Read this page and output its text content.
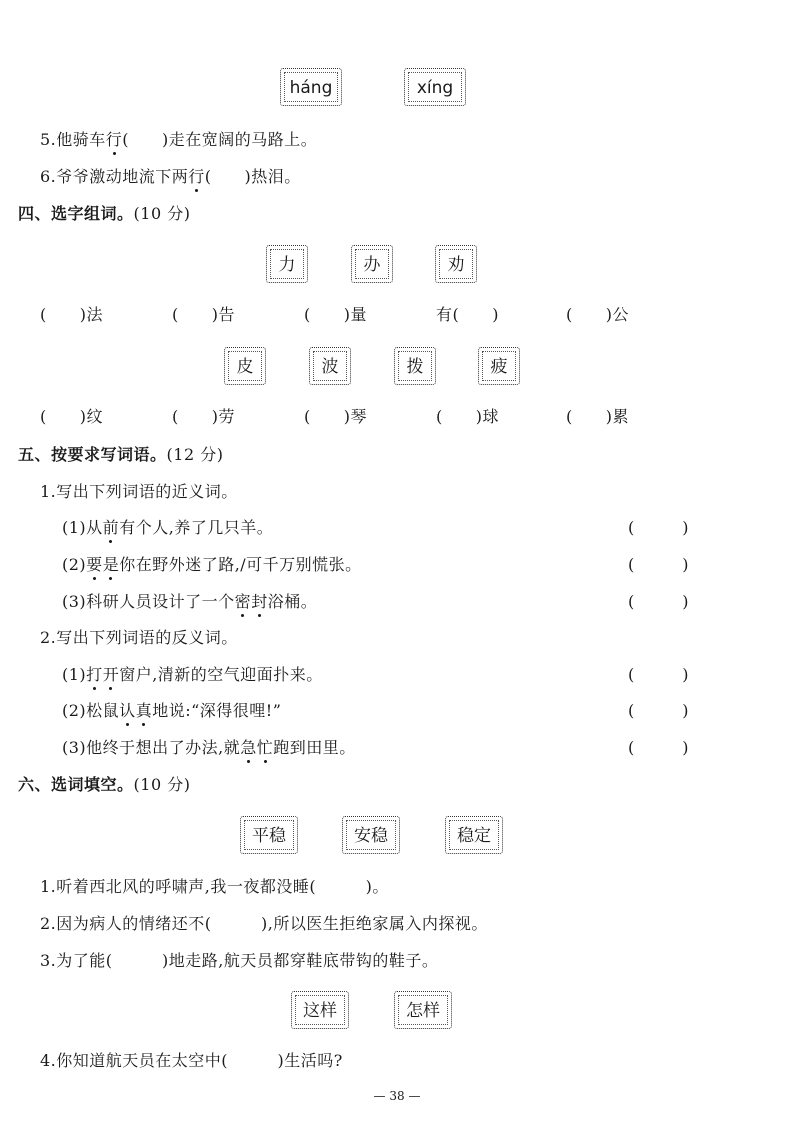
háng	xíng
5.他骑车行(　　)走在宽阔的马路上。
6.爷爷激动地流下两行(　　)热泪。
四、选字组词。(10 分)
力	办	劝
(　　)法	(　　)告	(　　)量	有(　　)	(　　)公
皮	波	拨	疲
(　　)纹	(　　)劳	(　　)琴	(　　)球	(　　)累
五、按要求写词语。(12 分)
1.写出下列词语的近义词。
(1)从前有个人,养了几只羊。	(　　　)
(2)要是你在野外迷了路,/可千万别慌张。	(　　　)
(3)科研人员设计了一个密封浴桶。	(　　　)
2.写出下列词语的反义词。
(1)打开窗户,清新的空气迎面扑来。	(　　　)
(2)松鼠认真地说:“深得很哩!”	(　　　)
(3)他终于想出了办法,就急忙跑到田里。	(　　　)
六、选词填空。(10 分)
平稳	安稳	稳定
1.听着西北风的呼啸声,我一夜都没睡(　　　)。
2.因为病人的情绪还不(　　　),所以医生拒绝家属入内探视。
3.为了能(　　　)地走路,航天员都穿鞋底带钩的鞋子。
这样	怎样
4.你知道航天员在太空中(　　　)生活吗?
— 38 —
